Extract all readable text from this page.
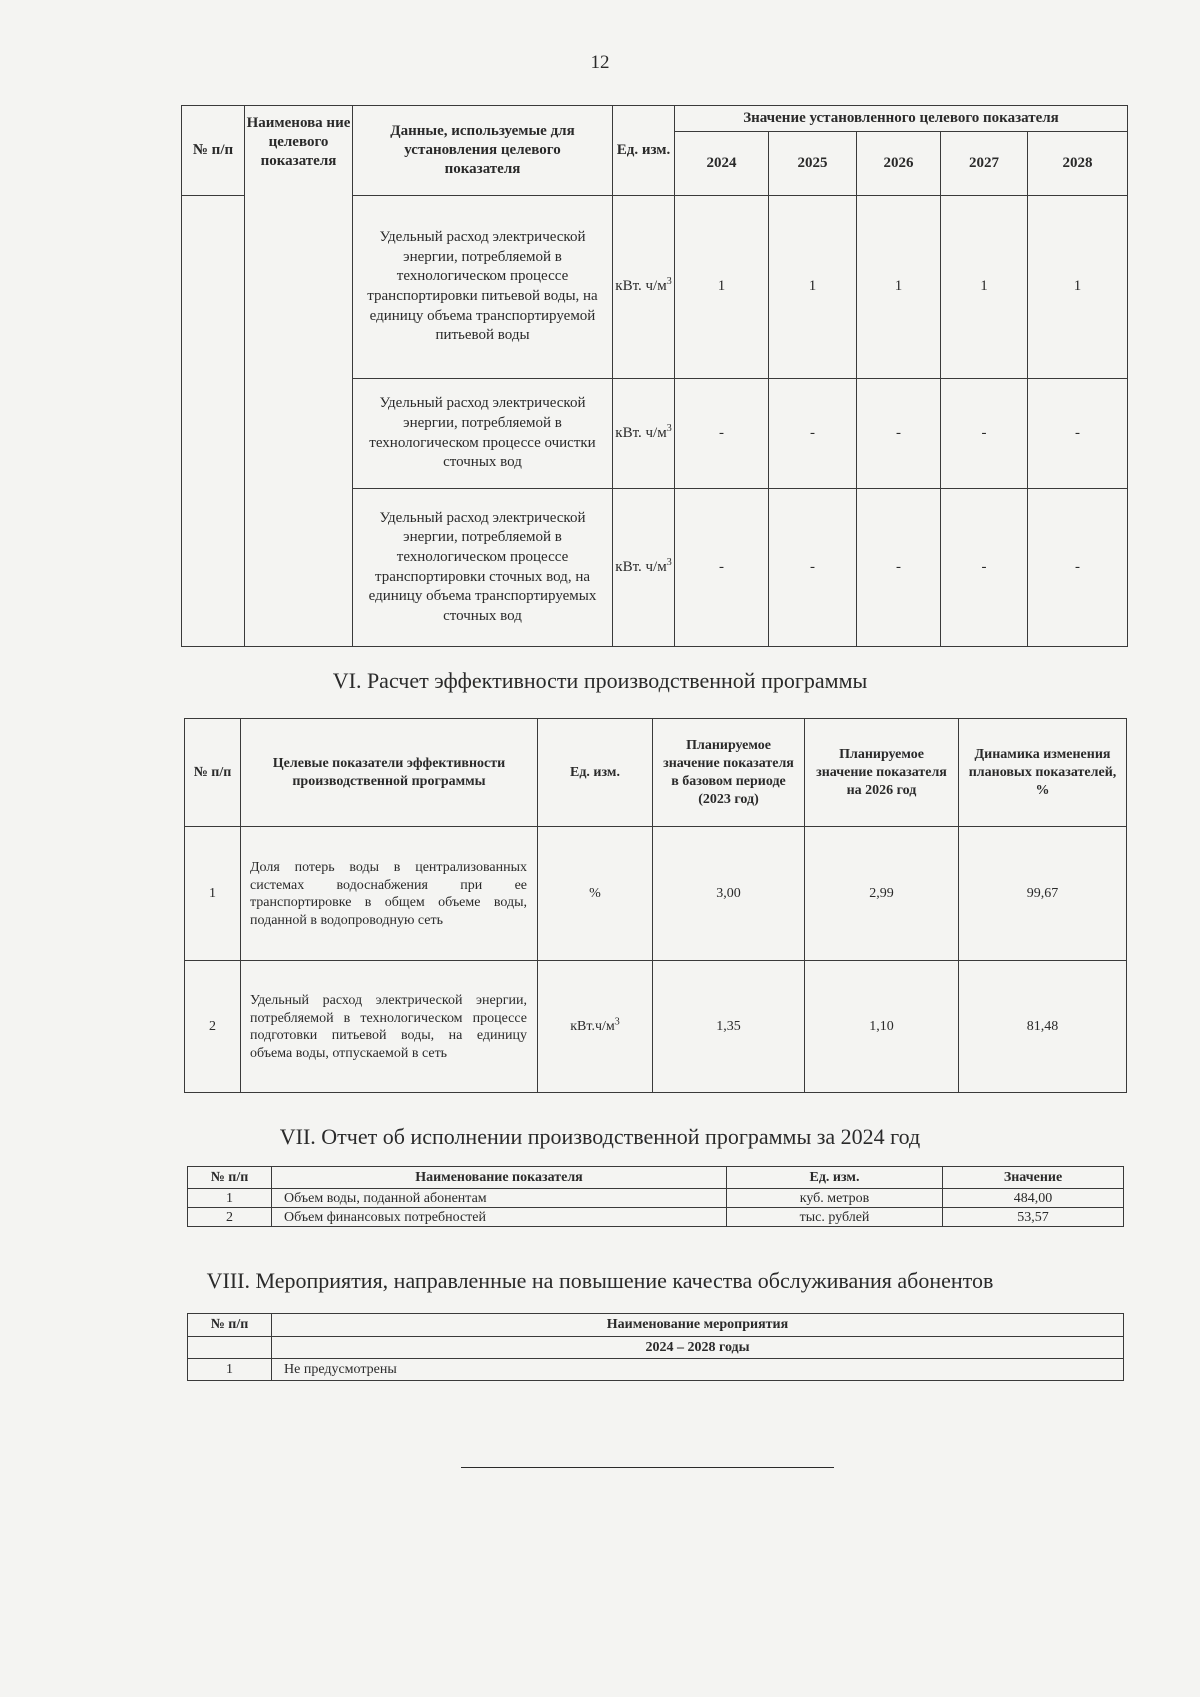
12
№ п/п	Наименова ние целевого показателя	Данные, используемые для установления целевого показателя	Ед. изм.	Значение установленного целевого показателя				
				2024	2025	2026	2027	2028
		Удельный расход электрической энергии, потребляемой в технологическом процессе транспортировки питьевой воды, на единицу объема транспортируемой питьевой воды	кВт. $ч/м^3$	1	1	1	1	1
		Удельный расход электрической энергии, потребляемой в технологическом процессе очистки сточных вод	кВт. $ч/м^3$	-	-	-	-	-
		Удельный расход электрической энергии, потребляемой в технологическом процессе транспортировки сточных вод, на единицу объема транспортируемых сточных вод	кВт. $ч/м^3$	-	-	-	-	-
VI. Расчет эффективности производственной программы
№ п/п	Целевые показатели эффективности производственной программы	Ед. изм.	Планируемое значение показателя в базовом периоде (2023 год)	Планируемое значение показателя на 2026 год	Динамика изменения плановых показателей, %
1	Доля потерь воды в централизованных системах водоснабжения при ее транспортировке в общем объеме воды, поданной в водопроводную сеть	%	3,00	2,99	99,67
2	Удельный расход электрической энергии, потребляемой в технологическом процессе подготовки питьевой воды, на единицу объема воды, отпускаемой в сеть	$кВт.ч/м^3$	1,35	1,10	81,48
VII. Отчет об исполнении производственной программы за 2024 год
№ п/п	Наименование показателя	Ед. изм.	Значение
1	Объем воды, поданной абонентам	куб. метров	484,00
2	Объем финансовых потребностей	тыс. рублей	53,57
VIII. Мероприятия, направленные на повышение качества обслуживания абонентов
№ п/п	Наименование мероприятия
	2024 – 2028 годы
1	Не предусмотрены
